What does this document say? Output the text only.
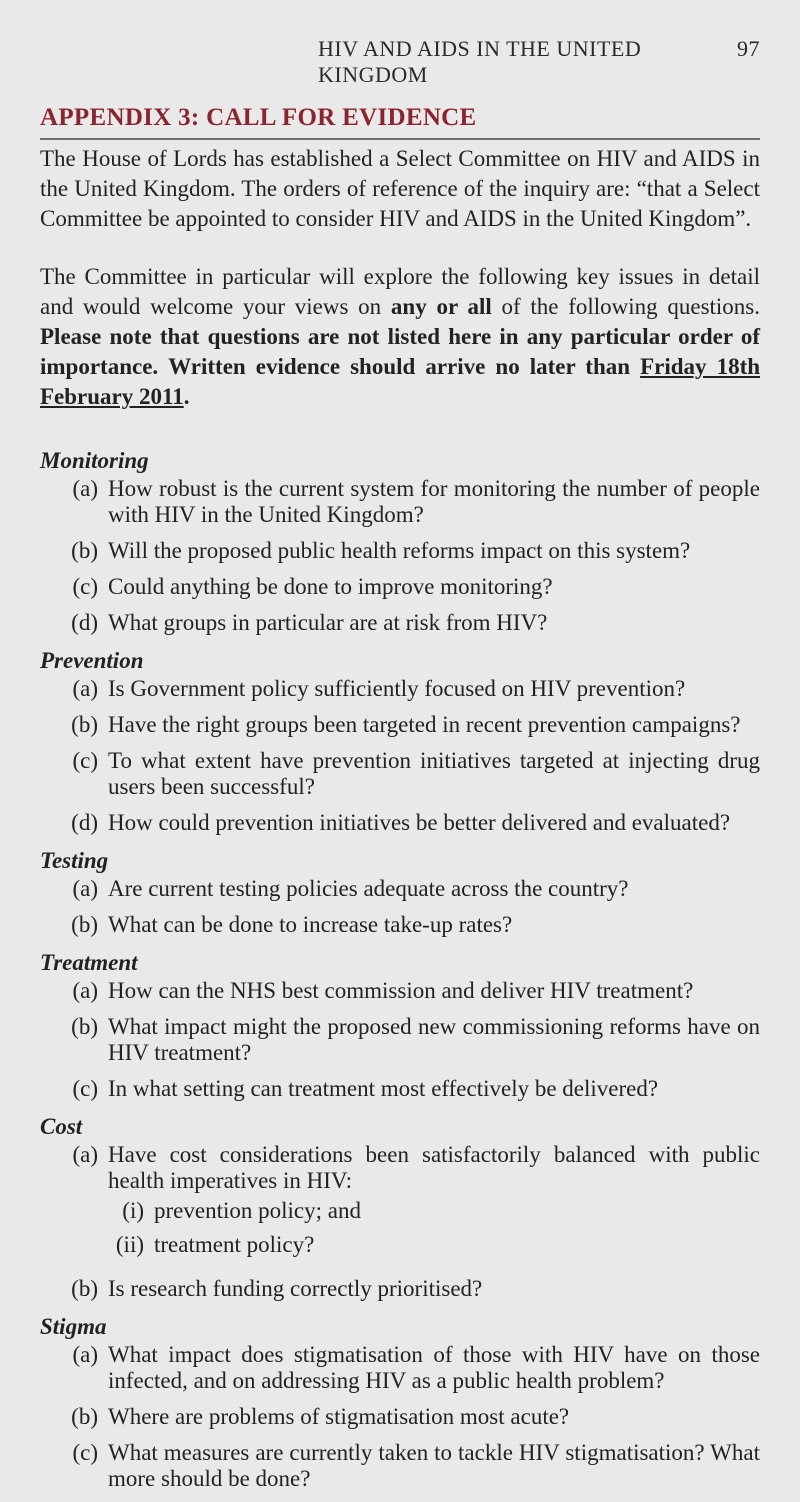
HIV AND AIDS IN THE UNITED KINGDOM
97
APPENDIX 3: CALL FOR EVIDENCE

The House of Lords has established a Select Committee on HIV and AIDS in the United Kingdom. The orders of reference of the inquiry are: “that a Select Committee be appointed to consider HIV and AIDS in the United Kingdom”.

The Committee in particular will explore the following key issues in detail and would welcome your views on any or all of the following questions. Please note that questions are not listed here in any particular order of importance. Written evidence should arrive no later than Friday 18th February 2011.

Monitoring
(a) How robust is the current system for monitoring the number of people with HIV in the United Kingdom?
(b) Will the proposed public health reforms impact on this system?
(c) Could anything be done to improve monitoring?
(d) What groups in particular are at risk from HIV?
Prevention
(a) Is Government policy sufficiently focused on HIV prevention?
(b) Have the right groups been targeted in recent prevention campaigns?
(c) To what extent have prevention initiatives targeted at injecting drug users been successful?
(d) How could prevention initiatives be better delivered and evaluated?
Testing
(a) Are current testing policies adequate across the country?
(b) What can be done to increase take-up rates?
Treatment
(a) How can the NHS best commission and deliver HIV treatment?
(b) What impact might the proposed new commissioning reforms have on HIV treatment?
(c) In what setting can treatment most effectively be delivered?
Cost
(a) Have cost considerations been satisfactorily balanced with public health imperatives in HIV:
(i) prevention policy; and
(ii) treatment policy?
(b) Is research funding correctly prioritised?
Stigma
(a) What impact does stigmatisation of those with HIV have on those infected, and on addressing HIV as a public health problem?
(b) Where are problems of stigmatisation most acute?
(c) What measures are currently taken to tackle HIV stigmatisation? What more should be done?
